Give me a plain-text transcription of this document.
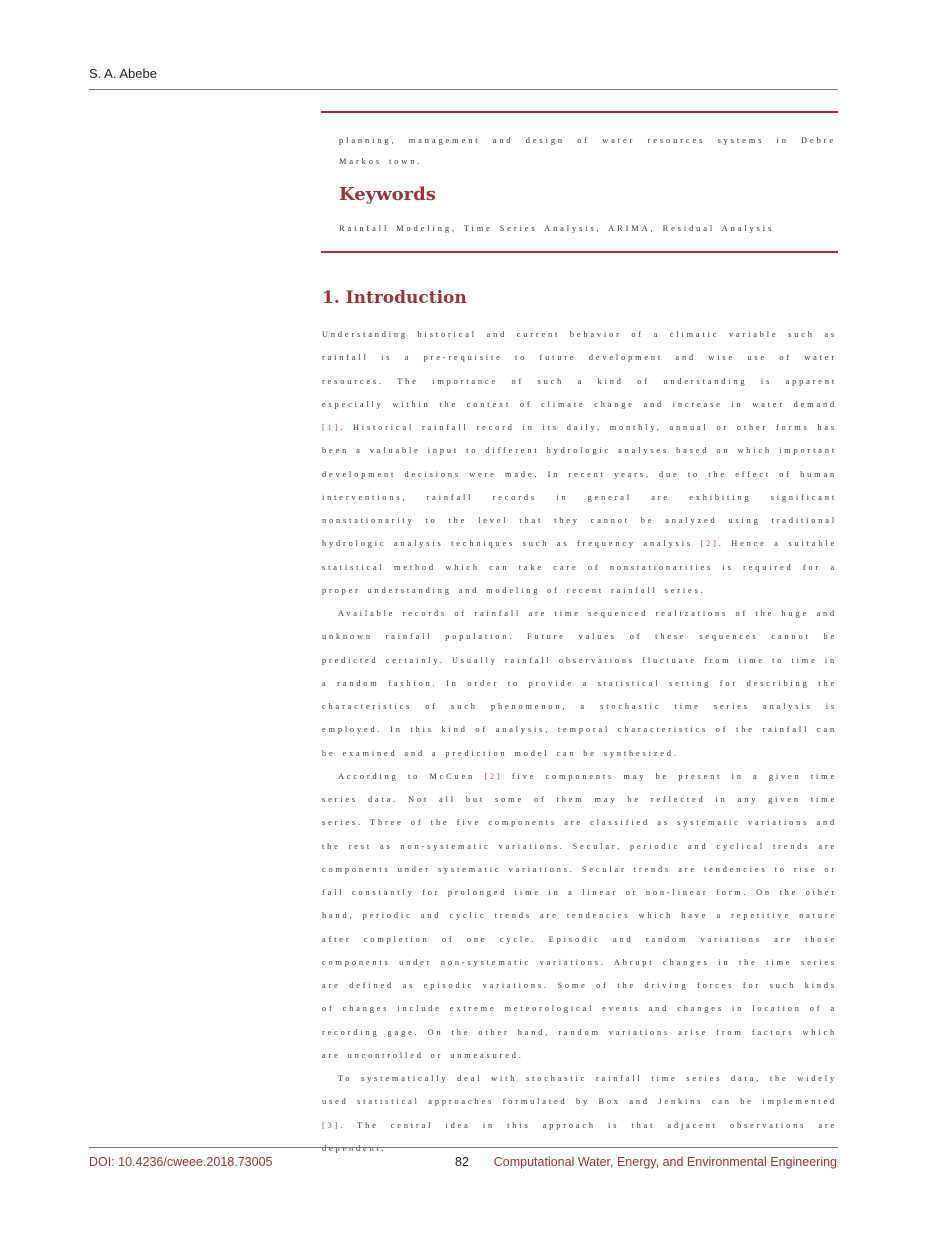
S. A. Abebe

planning, management and design of water resources systems in Debre Markos town.

Keywords

Rainfall Modeling, Time Series Analysis, ARIMA, Residual Analysis

1. Introduction

Understanding historical and current behavior of a climatic variable such as rainfall is a pre-requisite to future development and wise use of water resources. The importance of such a kind of understanding is apparent especially within the context of climate change and increase in water demand [1]. Historical rainfall record in its daily, monthly, annual or other forms has been a valuable input to different hydrologic analyses based on which important development decisions were made. In recent years, due to the effect of human interventions, rainfall records in general are exhibiting significant nonstationarity to the level that they cannot be analyzed using traditional hydrologic analysis techniques such as frequency analysis [2]. Hence a suitable statistical method which can take care of nonstationarities is required for a proper understanding and modeling of recent rainfall series.

Available records of rainfall are time sequenced realizations of the huge and unknown rainfall population. Future values of these sequences cannot be predicted certainly. Usually rainfall observations fluctuate from time to time in a random fashion. In order to provide a statistical setting for describing the characteristics of such phenomenon, a stochastic time series analysis is employed. In this kind of analysis, temporal characteristics of the rainfall can be examined and a prediction model can be synthesized.

According to McCuen [2] five components may be present in a given time series data. Not all but some of them may be reflected in any given time series. Three of the five components are classified as systematic variations and the rest as non-systematic variations. Secular, periodic and cyclical trends are components under systematic variations. Secular trends are tendencies to rise or fall constantly for prolonged time in a linear or non-linear form. On the other hand, periodic and cyclic trends are tendencies which have a repetitive nature after completion of one cycle. Episodic and random variations are those components under non-systematic variations. Abrupt changes in the time series are defined as episodic variations. Some of the driving forces for such kinds of changes include extreme meteorological events and changes in location of a recording gage. On the other hand, random variations arise from factors which are uncontrolled or unmeasured.

To systematically deal with stochastic rainfall time series data, the widely used statistical approaches formulated by Box and Jenkins can be implemented [3]. The central idea in this approach is that adjacent observations are dependent.

DOI: 10.4236/cweee.2018.73005	82 Computational Water, Energy, and Environmental Engineering
